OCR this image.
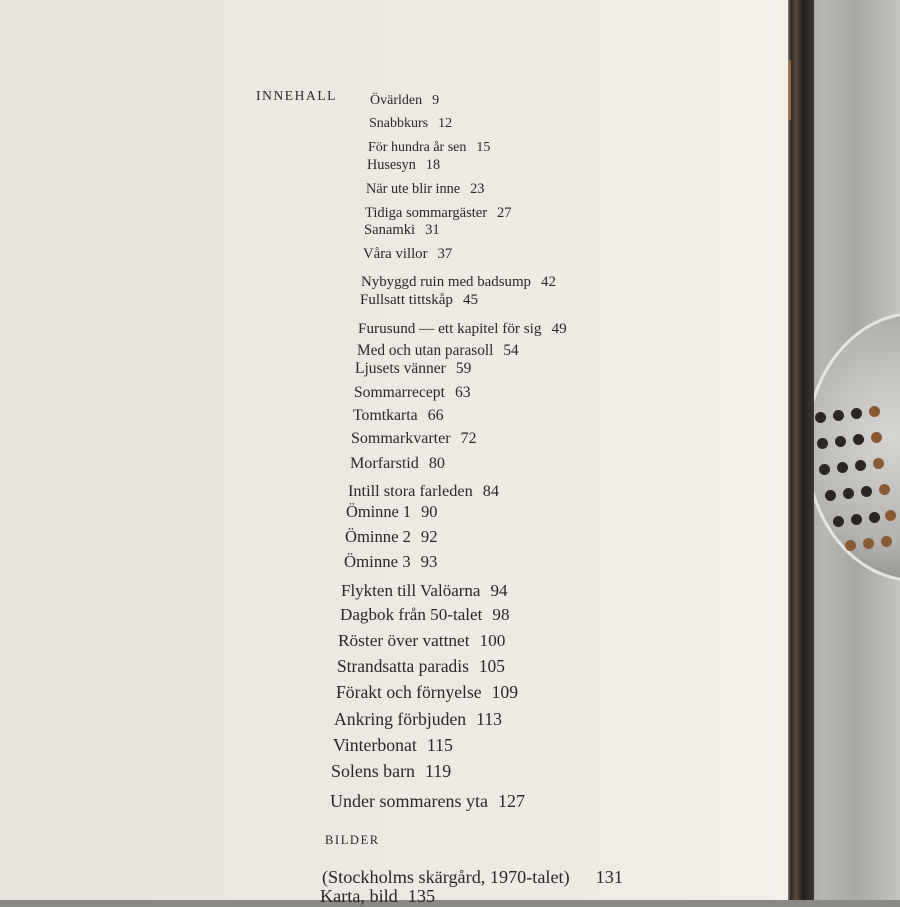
INNEHALL Övärlden 9
Snabbkurs 12
För hundra år sen 15
Husesyn 18
När ute blir inne 23
Tidiga sommargäster 27
Sanamki 31
Våra villor 37
Nybyggd ruin med badsump 42
Fullsatt tittskåp 45
Furusund — ett kapitel för sig 49
Med och utan parasoll 54
Ljusets vänner 59
Sommarrecept 63
Tomtkarta 66
Sommarkvarter 72
Morfarstid 80
Intill stora farleden 84
Öminne 1 90
Öminne 2 92
Öminne 3 93
Flykten till Valöarna 94
Dagbok från 50-talet 98
Röster över vattnet 100
Strandsatta paradis 105
Förakt och förnyelse 109
Ankring förbjuden 113
Vinterbonat 115
Solens barn 119
Under sommarens yta 127
BILDER
(Stockholms skärgård, 1970-talet) 131
Karta, bild 135
